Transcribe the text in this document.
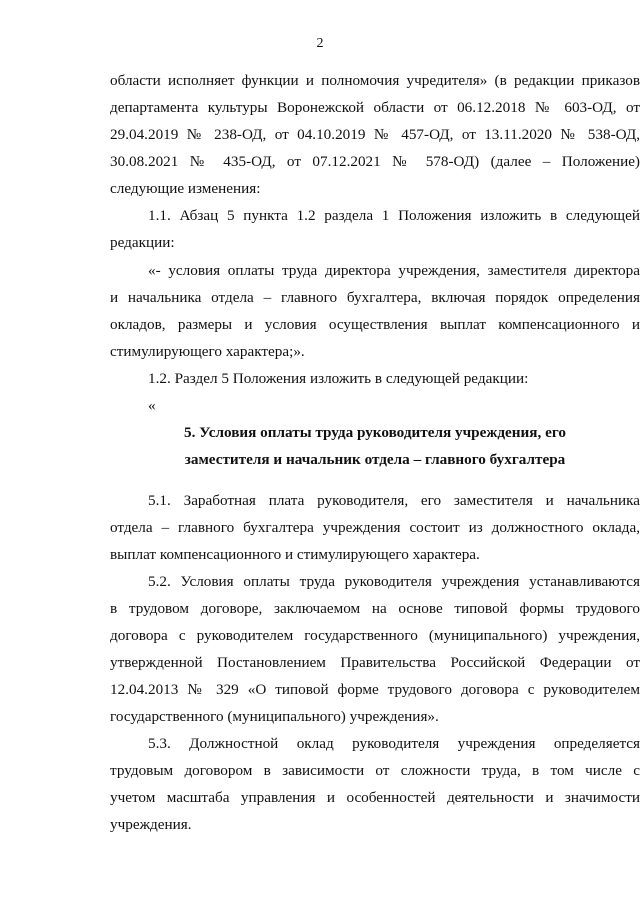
2
области исполняет функции и полномочия учредителя» (в редакции приказов
департамента культуры Воронежской области от 06.12.2018 № 603-ОД, от
29.04.2019 № 238-ОД, от 04.10.2019 № 457-ОД, от 13.11.2020 № 538-ОД,
30.08.2021 № 435-ОД, от 07.12.2021 № 578-ОД) (далее – Положение)
следующие изменения:
1.1. Абзац 5 пункта 1.2 раздела 1 Положения изложить в следующей
редакции:
«- условия оплаты труда директора учреждения, заместителя директора
и начальника отдела – главного бухгалтера, включая порядок определения
окладов, размеры и условия осуществления выплат компенсационного и
стимулирующего характера;».
1.2. Раздел 5 Положения изложить в следующей редакции:
«
5. Условия оплаты труда руководителя учреждения, его
заместителя и начальник отдела – главного бухгалтера
5.1. Заработная плата руководителя, его заместителя и начальника
отдела – главного бухгалтера учреждения состоит из должностного оклада,
выплат компенсационного и стимулирующего характера.
5.2. Условия оплаты труда руководителя учреждения устанавливаются
в трудовом договоре, заключаемом на основе типовой формы трудового
договора с руководителем государственного (муниципального) учреждения,
утвержденной Постановлением Правительства Российской Федерации от
12.04.2013 № 329 «О типовой форме трудового договора с руководителем
государственного (муниципального) учреждения».
5.3. Должностной оклад руководителя учреждения определяется
трудовым договором в зависимости от сложности труда, в том числе с
учетом масштаба управления и особенностей деятельности и значимости
учреждения.
